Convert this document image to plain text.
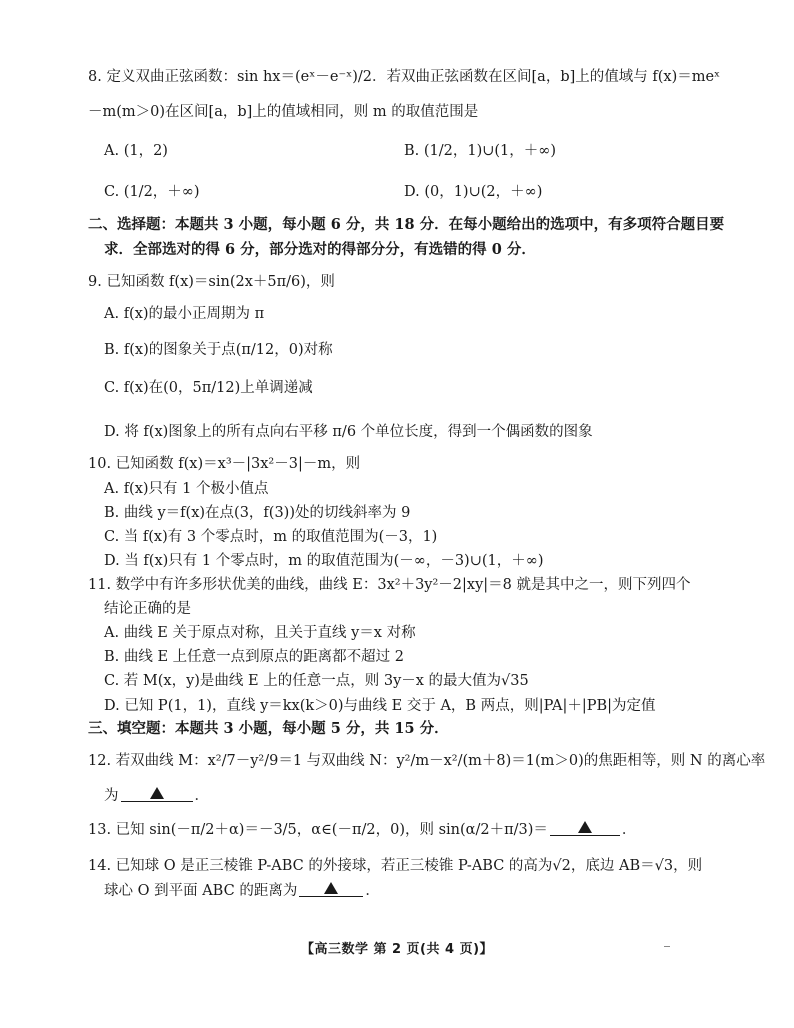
8. 定义双曲正弦函数：sin hx＝(eˣ－e⁻ˣ)/2．若双曲正弦函数在区间[a，b]上的值域与 f(x)＝meˣ
－m(m＞0)在区间[a，b]上的值域相同，则 m 的取值范围是
A. (1，2)	B. (1/2，1)∪(1，＋∞)
C. (1/2，＋∞)	D. (0，1)∪(2，＋∞)
二、选择题：本题共 3 小题，每小题 6 分，共 18 分．在每小题给出的选项中，有多项符合题目要
求．全部选对的得 6 分，部分选对的得部分分，有选错的得 0 分．
9. 已知函数 f(x)＝sin(2x＋5π/6)，则
A. f(x)的最小正周期为 π
B. f(x)的图象关于点(π/12，0)对称
C. f(x)在(0，5π/12)上单调递减
D. 将 f(x)图象上的所有点向右平移 π/6 个单位长度，得到一个偶函数的图象
10. 已知函数 f(x)＝x³－|3x²－3|－m，则
A. f(x)只有 1 个极小值点
B. 曲线 y＝f(x)在点(3，f(3))处的切线斜率为 9
C. 当 f(x)有 3 个零点时，m 的取值范围为(－3，1)
D. 当 f(x)只有 1 个零点时，m 的取值范围为(－∞，－3)∪(1，＋∞)
11. 数学中有许多形状优美的曲线，曲线 E：3x²＋3y²－2|xy|＝8 就是其中之一，则下列四个
结论正确的是
A. 曲线 E 关于原点对称，且关于直线 y＝x 对称
B. 曲线 E 上任意一点到原点的距离都不超过 2
C. 若 M(x，y)是曲线 E 上的任意一点，则 3y－x 的最大值为√35
D. 已知 P(1，1)，直线 y＝kx(k＞0)与曲线 E 交于 A，B 两点，则|PA|＋|PB|为定值
三、填空题：本题共 3 小题，每小题 5 分，共 15 分．
12. 若双曲线 M：x²/7－y²/9＝1 与双曲线 N：y²/m－x²/(m＋8)＝1(m＞0)的焦距相等，则 N 的离心率
为	．
13. 已知 sin(－π/2＋α)＝－3/5，α∈(－π/2，0)，则 sin(α/2＋π/3)＝	．
14. 已知球 O 是正三棱锥 P-ABC 的外接球，若正三棱锥 P-ABC 的高为√2，底边 AB＝√3，则
球心 O 到平面 ABC 的距离为	．
【高三数学 第 2 页(共 4 页)】
